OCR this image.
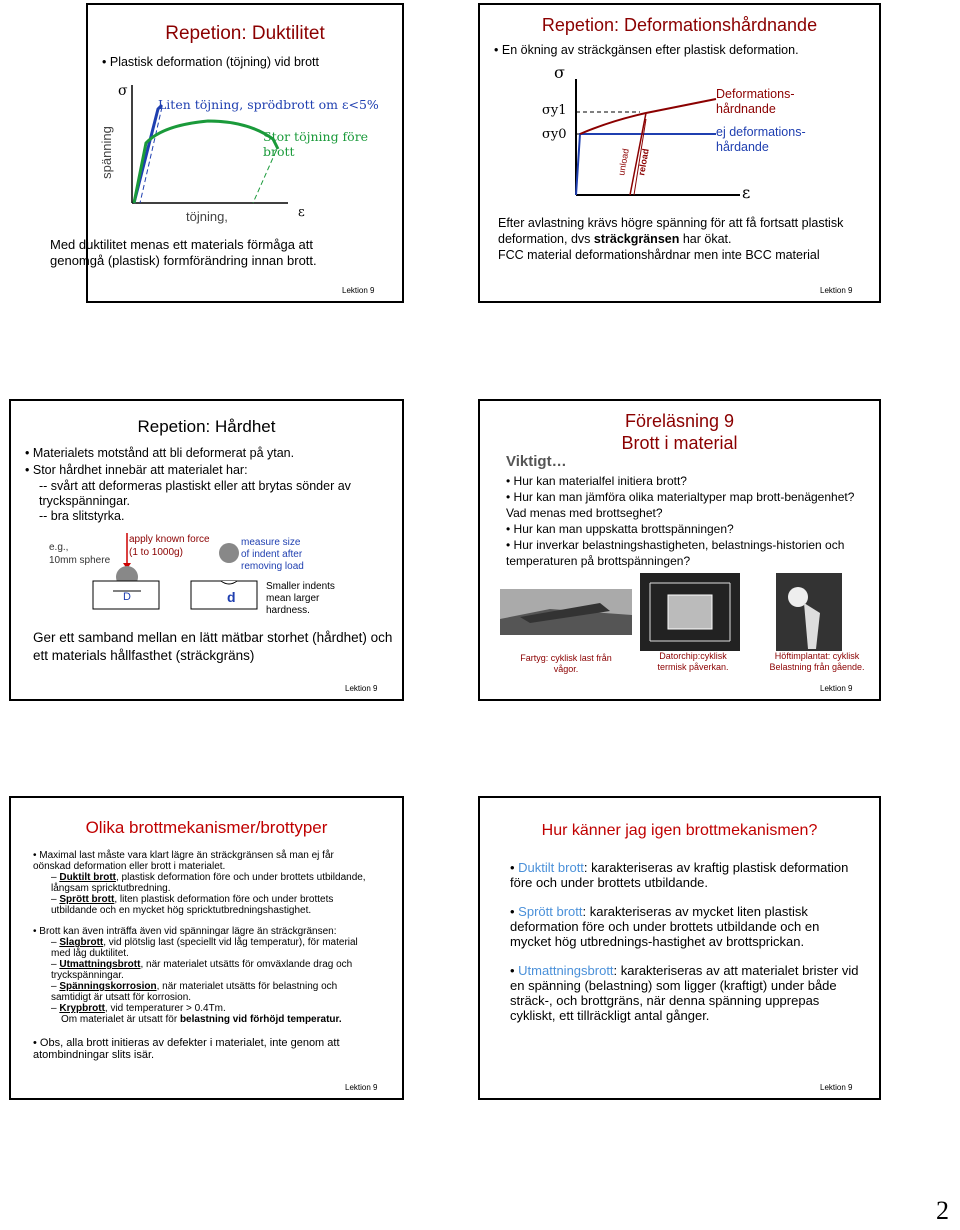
Repetion: Duktilitet
• Plastisk deformation (töjning) vid brott
σ
spänning
Liten töjning, sprödbrott om ε<5%
Stor töjning före brott
töjning,	ε
Med duktilitet menas ett materials förmåga att genomgå (plastisk) formförändring innan brott.
Lektion 9
Repetion: Deformationshårdnande
• En ökning av sträckgänsen efter plastisk deformation.
σ
σy1
σy0
Deformations-
hårdnande
ej deformations-
hårdande
unload reload
ε
Efter avlastning krävs högre spänning för att få fortsatt plastisk deformation, dvs sträckgränsen har ökat.
FCC material deformationshårdnar men inte BCC material
Lektion 9
Repetion: Hårdhet
• Materialets motstånd att bli deformerat på ytan.
• Stor hårdhet innebär att materialet har:
-- svårt att deformeras plastiskt eller att brytas sönder av tryckspänningar.
-- bra slitstyrka.
e.g.,
10mm sphere
apply known force
(1 to 1000g)
measure size
of indent after
removing load
D	d
Smaller indents mean larger hardness.
Ger ett samband mellan en lätt mätbar storhet (hårdhet) och ett materials hållfasthet (sträckgräns)
Lektion 9
Föreläsning 9
Brott i material
Viktigt…
• Hur kan materialfel initiera brott?
• Hur kan man jämföra olika materialtyper map brott-benägenhet? Vad menas med brottseghet?
• Hur kan man uppskatta brottspänningen?
• Hur inverkar belastningshastigheten, belastnings-historien och temperaturen på brottspänningen?
Fartyg: cyklisk last från vågor.
Datorchip:cyklisk termisk påverkan.
Höftimplantat: cyklisk Belastning från gående.
Lektion 9
Olika brottmekanismer/brottyper
• Maximal last måste vara klart lägre än sträckgränsen så man ej får oönskad deformation eller brott i materialet.
– Duktilt brott, plastisk deformation före och under brottets utbildande, långsam spricktutbredning.
– Sprött brott, liten plastisk deformation före och under brottets utbildande och en mycket hög spricktutbredningshastighet.
• Brott kan även inträffa även vid spänningar lägre än sträckgränsen:
– Slagbrott, vid plötslig last (speciellt vid låg temperatur), för material med låg duktilitet.
– Utmattningsbrott, när materialet utsätts för omväxlande drag och tryckspänningar.
– Spänningskorrosion, när materialet utsätts för belastning och samtidigt är utsatt för korrosion.
– Krypbrott, vid temperaturer > 0.4Tm.
Om materialet är utsatt för belastning vid förhöjd temperatur.
• Obs, alla brott initieras av defekter i materialet, inte genom att atombindningar slits isär.
Lektion 9
Hur känner jag igen brottmekanismen?
• Duktilt brott: karakteriseras av kraftig plastisk deformation före och under brottets utbildande.
• Sprött brott: karakteriseras av mycket liten plastisk deformation före och under brottets utbildande och en mycket hög utbrednings-hastighet av brottsprickan.
• Utmattningsbrott: karakteriseras av att materialet brister vid en spänning (belastning) som ligger (kraftigt) under både sträck-, och brottgräns, när denna spänning upprepas cykliskt, ett tillräckligt antal gånger.
Lektion 9
2
